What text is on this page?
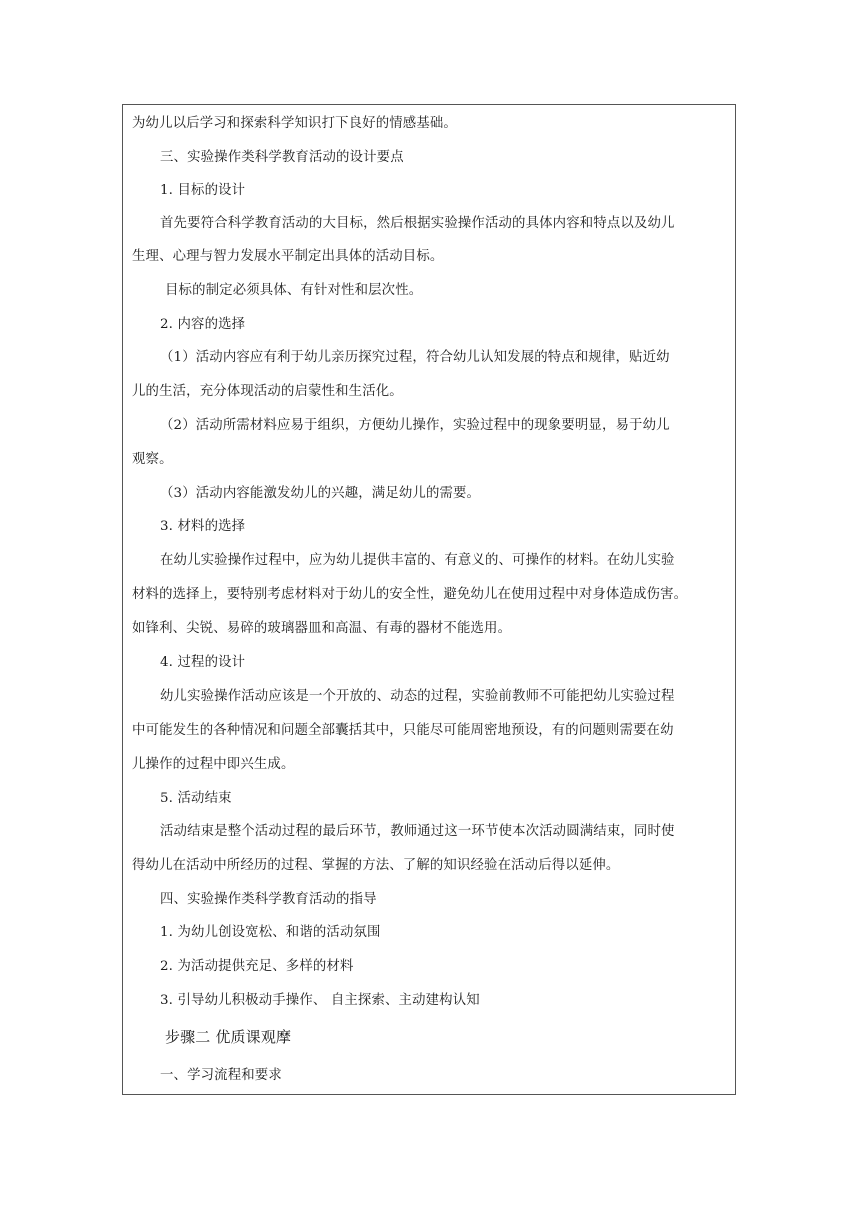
为幼儿以后学习和探索科学知识打下良好的情感基础。
三、实验操作类科学教育活动的设计要点
1. 目标的设计
首先要符合科学教育活动的大目标，然后根据实验操作活动的具体内容和特点以及幼儿
生理、心理与智力发展水平制定出具体的活动目标。
目标的制定必须具体、有针对性和层次性。
2. 内容的选择
（1）活动内容应有利于幼儿亲历探究过程，符合幼儿认知发展的特点和规律，贴近幼
儿的生活，充分体现活动的启蒙性和生活化。
（2）活动所需材料应易于组织，方便幼儿操作，实验过程中的现象要明显，易于幼儿
观察。
（3）活动内容能激发幼儿的兴趣，满足幼儿的需要。
3. 材料的选择
在幼儿实验操作过程中，应为幼儿提供丰富的、有意义的、可操作的材料。在幼儿实验
材料的选择上，要特别考虑材料对于幼儿的安全性，避免幼儿在使用过程中对身体造成伤害。
如锋利、尖锐、易碎的玻璃器皿和高温、有毒的器材不能选用。
4. 过程的设计
幼儿实验操作活动应该是一个开放的、动态的过程，实验前教师不可能把幼儿实验过程
中可能发生的各种情况和问题全部囊括其中，只能尽可能周密地预设，有的问题则需要在幼
儿操作的过程中即兴生成。
5. 活动结束
活动结束是整个活动过程的最后环节，教师通过这一环节使本次活动圆满结束，同时使
得幼儿在活动中所经历的过程、掌握的方法、了解的知识经验在活动后得以延伸。
四、实验操作类科学教育活动的指导
1. 为幼儿创设宽松、和谐的活动氛围
2. 为活动提供充足、多样的材料
3. 引导幼儿积极动手操作、 自主探索、主动建构认知
步骤二 优质课观摩
一、学习流程和要求
